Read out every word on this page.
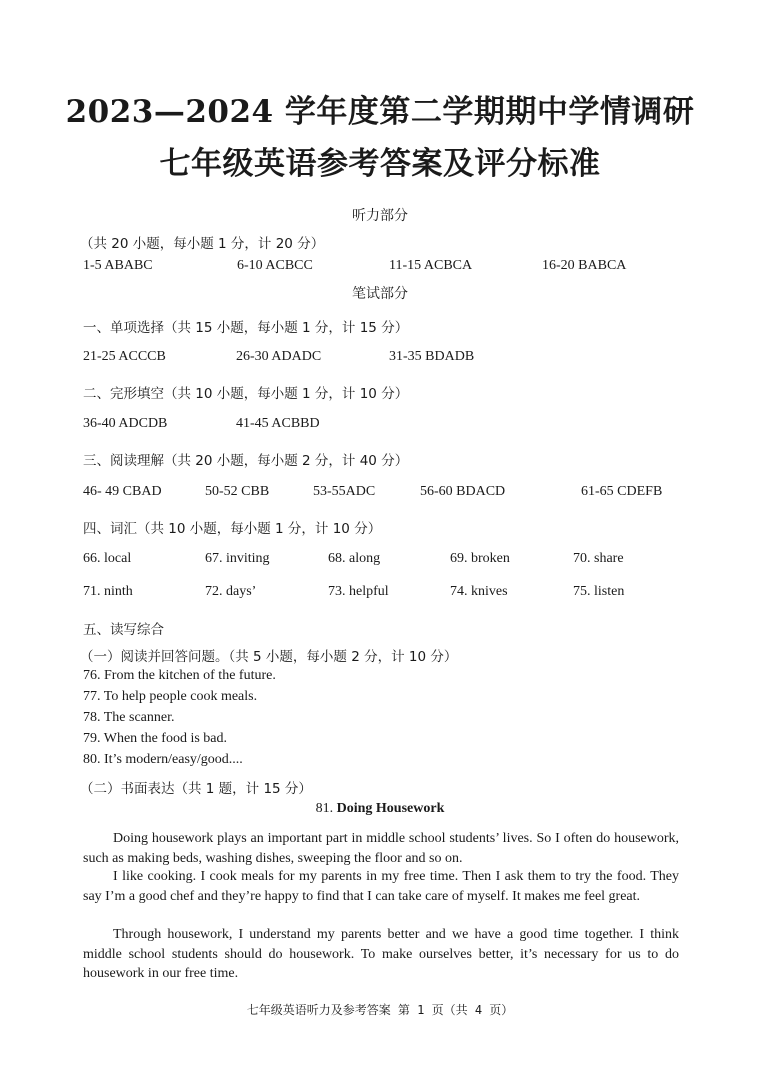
2023—2024 学年度第二学期期中学情调研
七年级英语参考答案及评分标准
听力部分
（共 20 小题，每小题 1 分，计 20 分）
1-5 ABABC	6-10 ACBCC	11-15 ACBCA	16-20 BABCA
笔试部分
一、单项选择（共 15 小题，每小题 1 分，计 15 分）
21-25 ACCCB	26-30 ADADC	31-35 BDADB
二、完形填空（共 10 小题，每小题 1 分，计 10 分）
36-40 ADCDB	41-45 ACBBD
三、阅读理解（共 20 小题，每小题 2 分，计 40 分）
46- 49 CBAD	50-52 CBB	53-55ADC	56-60 BDACD	61-65 CDEFB
四、词汇（共 10 小题，每小题 1 分，计 10 分）
66. local	67. inviting	68. along	69. broken	70. share
71. ninth	72. days’	73. helpful	74. knives	75. listen
五、读写综合
（一）阅读并回答问题。（共 5 小题，每小题 2 分，计 10 分）
76. From the kitchen of the future.
77. To help people cook meals.
78. The scanner.
79. When the food is bad.
80. It’s modern/easy/good....
（二）书面表达（共 1 题，计 15 分）
81. Doing Housework

Doing housework plays an important part in middle school students’ lives. So I often do housework, such as making beds, washing dishes, sweeping the floor and so on.

I like cooking. I cook meals for my parents in my free time. Then I ask them to try the food. They say I’m a good chef and they’re happy to find that I can take care of myself. It makes me feel great.

Through housework, I understand my parents better and we have a good time together. I think middle school students should do housework. To make ourselves better, it’s necessary for us to do housework in our free time.

七年级英语听力及参考答案 第 1 页（共 4 页）
